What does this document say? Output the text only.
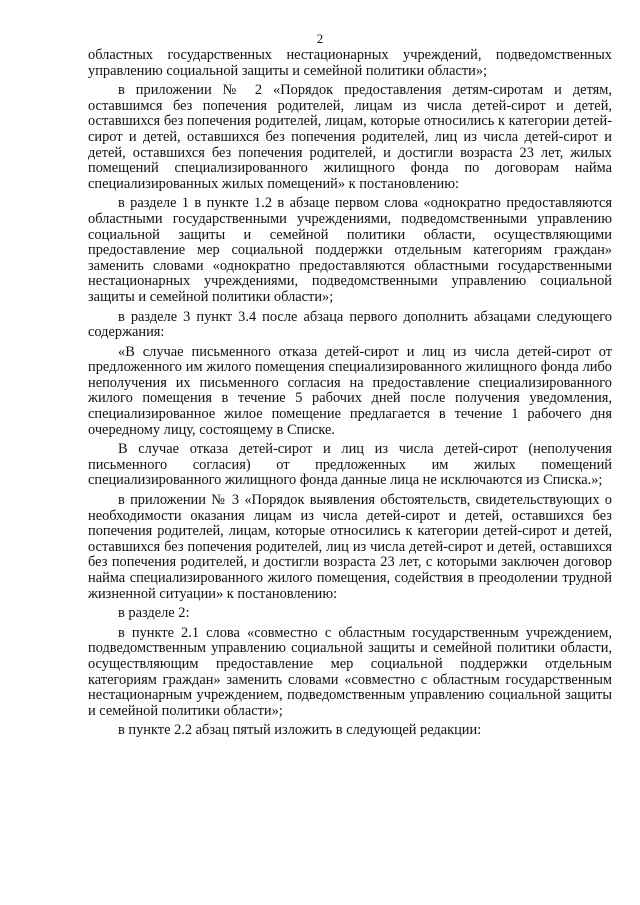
2

областных государственных нестационарных учреждений, подведомственных управлению социальной защиты и семейной политики области»;

в приложении № 2 «Порядок предоставления детям-сиротам и детям, оставшимся без попечения родителей, лицам из числа детей-сирот и детей, оставшихся без попечения родителей, лицам, которые относились к категории детей-сирот и детей, оставшихся без попечения родителей, лиц из числа детей-сирот и детей, оставшихся без попечения родителей, и достигли возраста 23 лет, жилых помещений специализированного жилищного фонда по договорам найма специализированных жилых помещений» к постановлению:

в разделе 1 в пункте 1.2 в абзаце первом слова «однократно предоставляются областными государственными учреждениями, подведомственными управлению социальной защиты и семейной политики области, осуществляющими предоставление мер социальной поддержки отдельным категориям граждан» заменить словами «однократно предоставляются областными государственными нестационарных учреждениями, подведомственными управлению социальной защиты и семейной политики области»;

в разделе 3 пункт 3.4 после абзаца первого дополнить абзацами следующего содержания:

«В случае письменного отказа детей-сирот и лиц из числа детей-сирот от предложенного им жилого помещения специализированного жилищного фонда либо неполучения их письменного согласия на предоставление специализированного жилого помещения в течение 5 рабочих дней после получения уведомления, специализированное жилое помещение предлагается в течение 1 рабочего дня очередному лицу, состоящему в Списке.

В случае отказа детей-сирот и лиц из числа детей-сирот (неполучения письменного согласия) от предложенных им жилых помещений специализированного жилищного фонда данные лица не исключаются из Списка.»;

в приложении № 3 «Порядок выявления обстоятельств, свидетельствующих о необходимости оказания лицам из числа детей-сирот и детей, оставшихся без попечения родителей, лицам, которые относились к категории детей-сирот и детей, оставшихся без попечения родителей, лиц из числа детей-сирот и детей, оставшихся без попечения родителей, и достигли возраста 23 лет, с которыми заключен договор найма специализированного жилого помещения, содействия в преодолении трудной жизненной ситуации» к постановлению:

в разделе 2:

в пункте 2.1 слова «совместно с областным государственным учреждением, подведомственным управлению социальной защиты и семейной политики области, осуществляющим предоставление мер социальной поддержки отдельным категориям граждан» заменить словами «совместно с областным государственным нестационарным учреждением, подведомственным управлению социальной защиты и семейной политики области»;

в пункте 2.2 абзац пятый изложить в следующей редакции:
